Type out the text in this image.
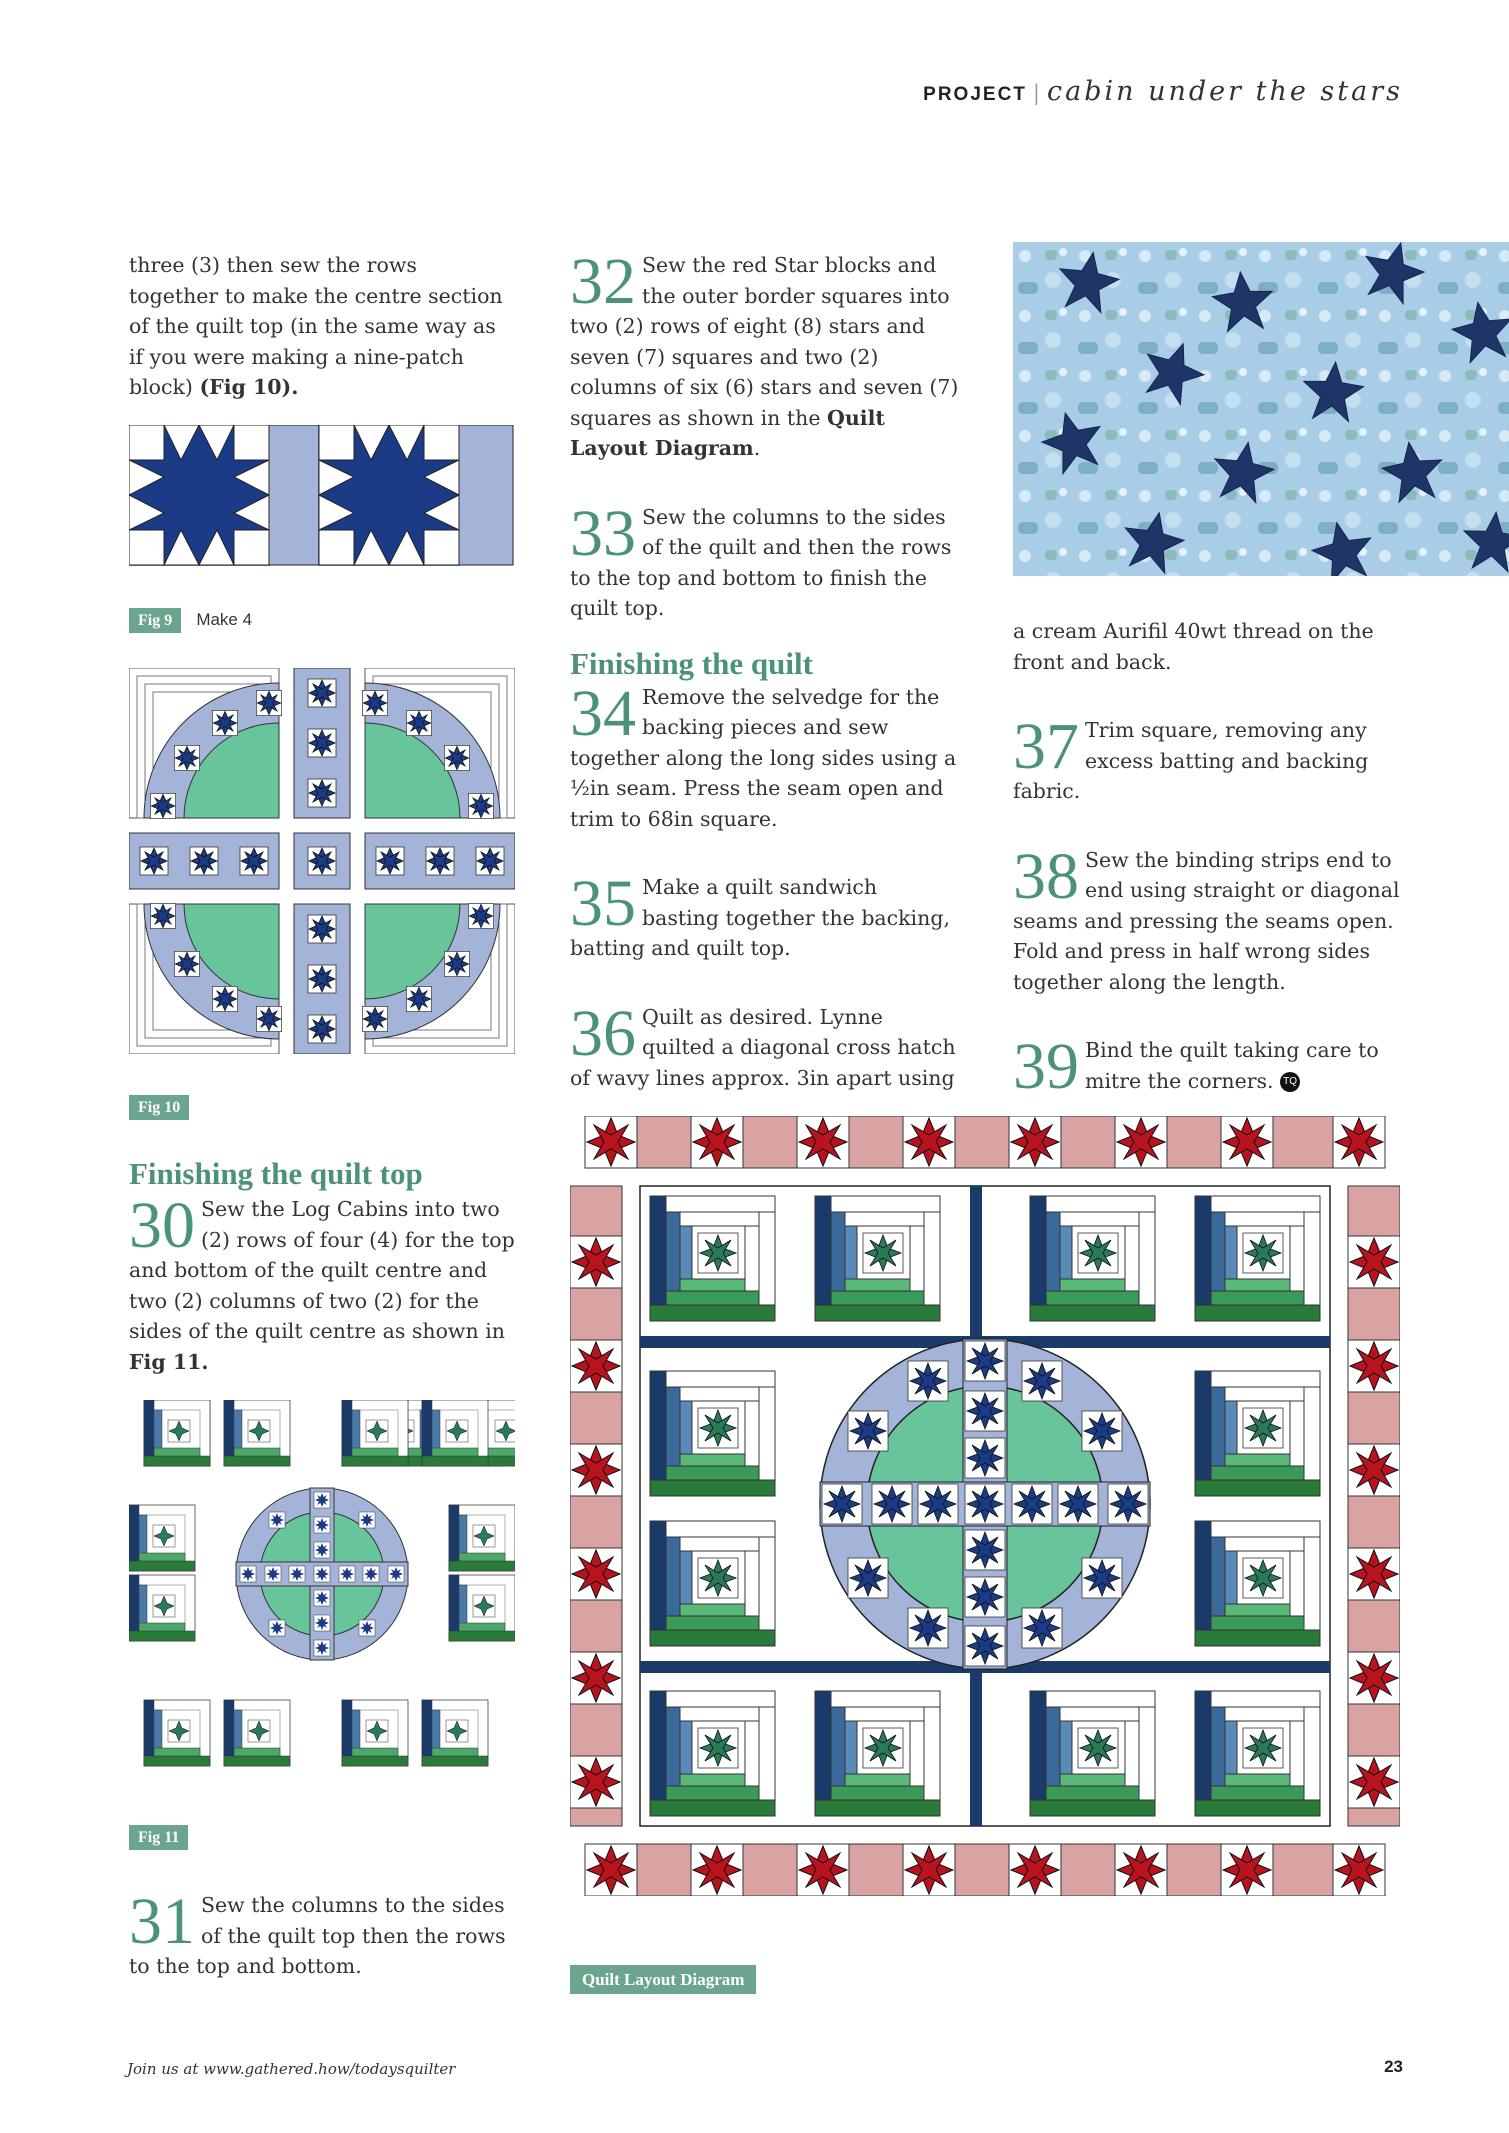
PROJECT | cabin under the stars
three (3) then sew the rows together to make the centre section of the quilt top (in the same way as if you were making a nine-patch block) (Fig 10).
Fig 9 Make 4
Fig 10
Finishing the quilt top
30 Sew the Log Cabins into two (2) rows of four (4) for the top and bottom of the quilt centre and two (2) columns of two (2) for the sides of the quilt centre as shown in Fig 11.
Fig 11
31 Sew the columns to the sides of the quilt top then the rows to the top and bottom.
32 Sew the red Star blocks and the outer border squares into two (2) rows of eight (8) stars and seven (7) squares and two (2) columns of six (6) stars and seven (7) squares as shown in the Quilt Layout Diagram.
33 Sew the columns to the sides of the quilt and then the rows to the top and bottom to finish the quilt top.
Finishing the quilt
34 Remove the selvedge for the backing pieces and sew together along the long sides using a ½in seam. Press the seam open and trim to 68in square.
35 Make a quilt sandwich basting together the backing, batting and quilt top.
36 Quilt as desired. Lynne quilted a diagonal cross hatch of wavy lines approx. 3in apart using
a cream Aurifil 40wt thread on the front and back.
37 Trim square, removing any excess batting and backing fabric.
38 Sew the binding strips end to end using straight or diagonal seams and pressing the seams open. Fold and press in half wrong sides together along the length.
39 Bind the quilt taking care to mitre the corners. TQ
Quilt Layout Diagram
Join us at www.gathered.how/todaysquilter	23
